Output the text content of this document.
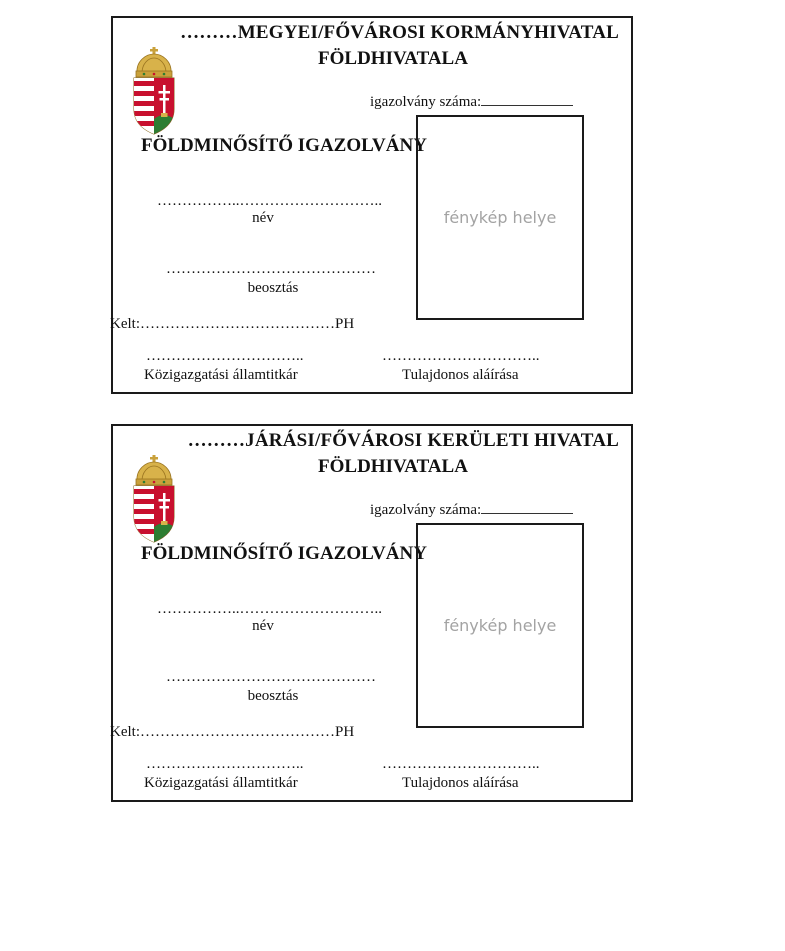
………MEGYEI/FŐVÁROSI KORMÁNYHIVATAL
FÖLDHIVATALA
igazolvány száma:
FÖLDMINŐSÍTŐ IGAZOLVÁNY
fénykép helye
……………..………………………..
név
……………………………………
beosztás
Kelt:…………………………………PH
…………………………..
Közigazgatási államtitkár
…………………………..
Tulajdonos aláírása
………JÁRÁSI/FŐVÁROSI KERÜLETI HIVATAL
FÖLDHIVATALA
igazolvány száma:
FÖLDMINŐSÍTŐ IGAZOLVÁNY
fénykép helye
……………..………………………..
név
……………………………………
beosztás
Kelt:…………………………………PH
…………………………..
Közigazgatási államtitkár
…………………………..
Tulajdonos aláírása
